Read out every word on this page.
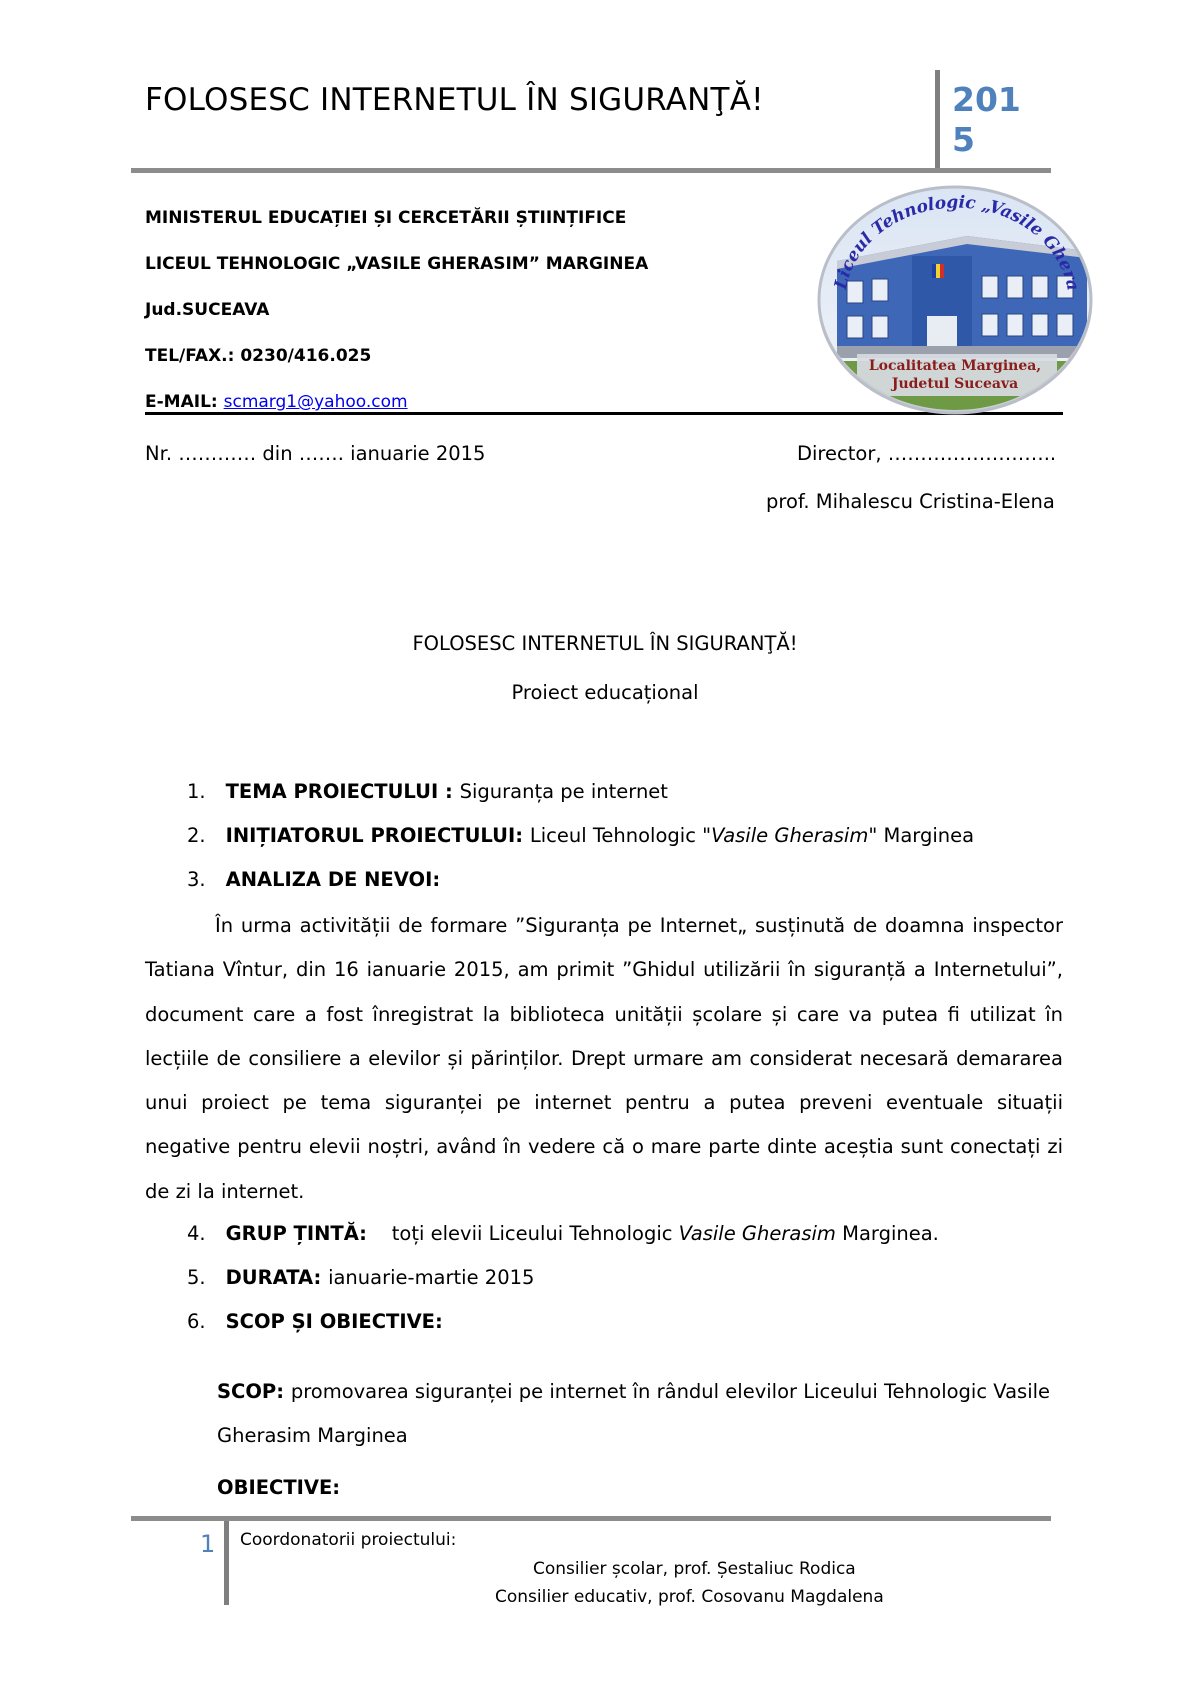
FOLOSESC INTERNETUL ÎN SIGURANŢĂ!	2015
MINISTERUL EDUCAȚIEI ȘI CERCETĂRII ȘTIINȚIFICE
LICEUL TEHNOLOGIC „VASILE GHERASIM” MARGINEA
Jud.SUCEAVA
TEL/FAX.: 0230/416.025
E-MAIL: scmarg1@yahoo.com
Liceul Tehnologic „Vasile Ghera
Localitatea Marginea,
Judetul Suceava
Nr. ………… din ……. ianuarie 2015	Director, ……………………..
prof. Mihalescu Cristina-Elena
FOLOSESC INTERNETUL ÎN SIGURANŢĂ!
Proiect educațional
1. TEMA PROIECTULUI : Siguranța pe internet
2. INIȚIATORUL PROIECTULUI: Liceul Tehnologic "Vasile Gherasim" Marginea
3. ANALIZA DE NEVOI:
În urma activității de formare ”Siguranța pe Internet„ susținută de doamna inspector Tatiana Vîntur, din 16 ianuarie 2015, am primit ”Ghidul utilizării în siguranță a Internetului”, document care a fost înregistrat la biblioteca unității școlare și care va putea fi utilizat în lecțiile de consiliere a elevilor și părinților. Drept urmare am considerat necesară demararea unui proiect pe tema siguranței pe internet pentru a putea preveni eventuale situații negative pentru elevii noștri, având în vedere că o mare parte dinte aceștia sunt conectați zi de zi la internet.
4. GRUP ȚINTĂ:    toți elevii Liceului Tehnologic Vasile Gherasim Marginea.
5. DURATA: ianuarie-martie 2015
6. SCOP ȘI OBIECTIVE:
SCOP: promovarea siguranței pe internet în rândul elevilor Liceului Tehnologic Vasile Gherasim Marginea
OBIECTIVE:
1 Coordonatorii proiectului:
Consilier școlar, prof. Șestaliuc Rodica
Consilier educativ, prof. Cosovanu Magdalena
